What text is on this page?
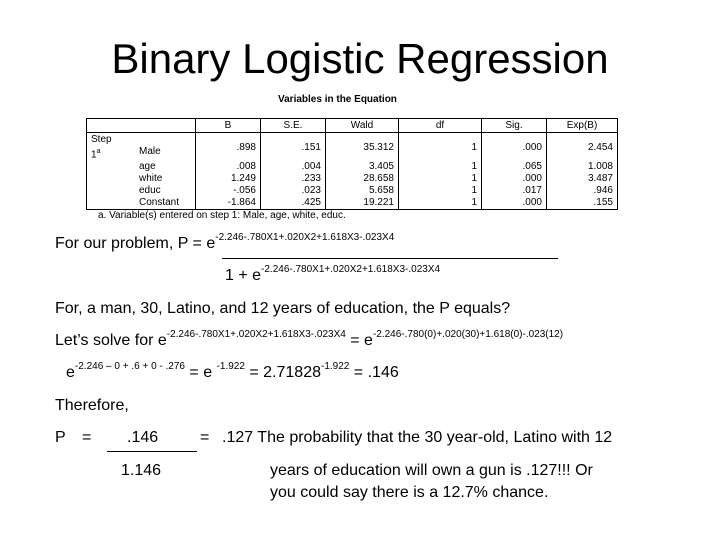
Binary Logistic Regression
Variables in the Equation
	B	S.E.	Wald	df	Sig.	Exp(B)
Step
1$^a$ Male	.898	.151	35.312	1	.000	2.454

age	.008	.004	3.405	1	.065	1.008

white	1.249	.233	28.658	1	.000	3.487

educ	-.056	.023	5.658	1	.017	.946

Constant	-1.864	.425	19.221	1	.000	.155
a. Variable(s) entered on step 1: Male, age, white, educ.
For our problem, $P = e^{-2.246-.780X1+.020X2+1.618X3-.023X4}$
$1 + e^{-2.246-.780X1+.020X2+1.618X3-.023X4}$
For, a man, 30, Latino, and 12 years of education, the P equals?
Let’s solve for $e^{-2.246-.780X1+.020X2+1.618X3-.023X4} = e^{-2.246-.780(0)+.020(30)+1.618(0)-.023(12)}$
$e^{-2.246 - 0 + .6 + 0 - .276} = e$ $^{-1.922} = 2.71828^{-1.922} = .146$
Therefore,
P = .146	= .127 The probability that the 30 year-old, Latino with 12
1.146	years of education will own a gun is .127!!! Or
you could say there is a 12.7% chance.
